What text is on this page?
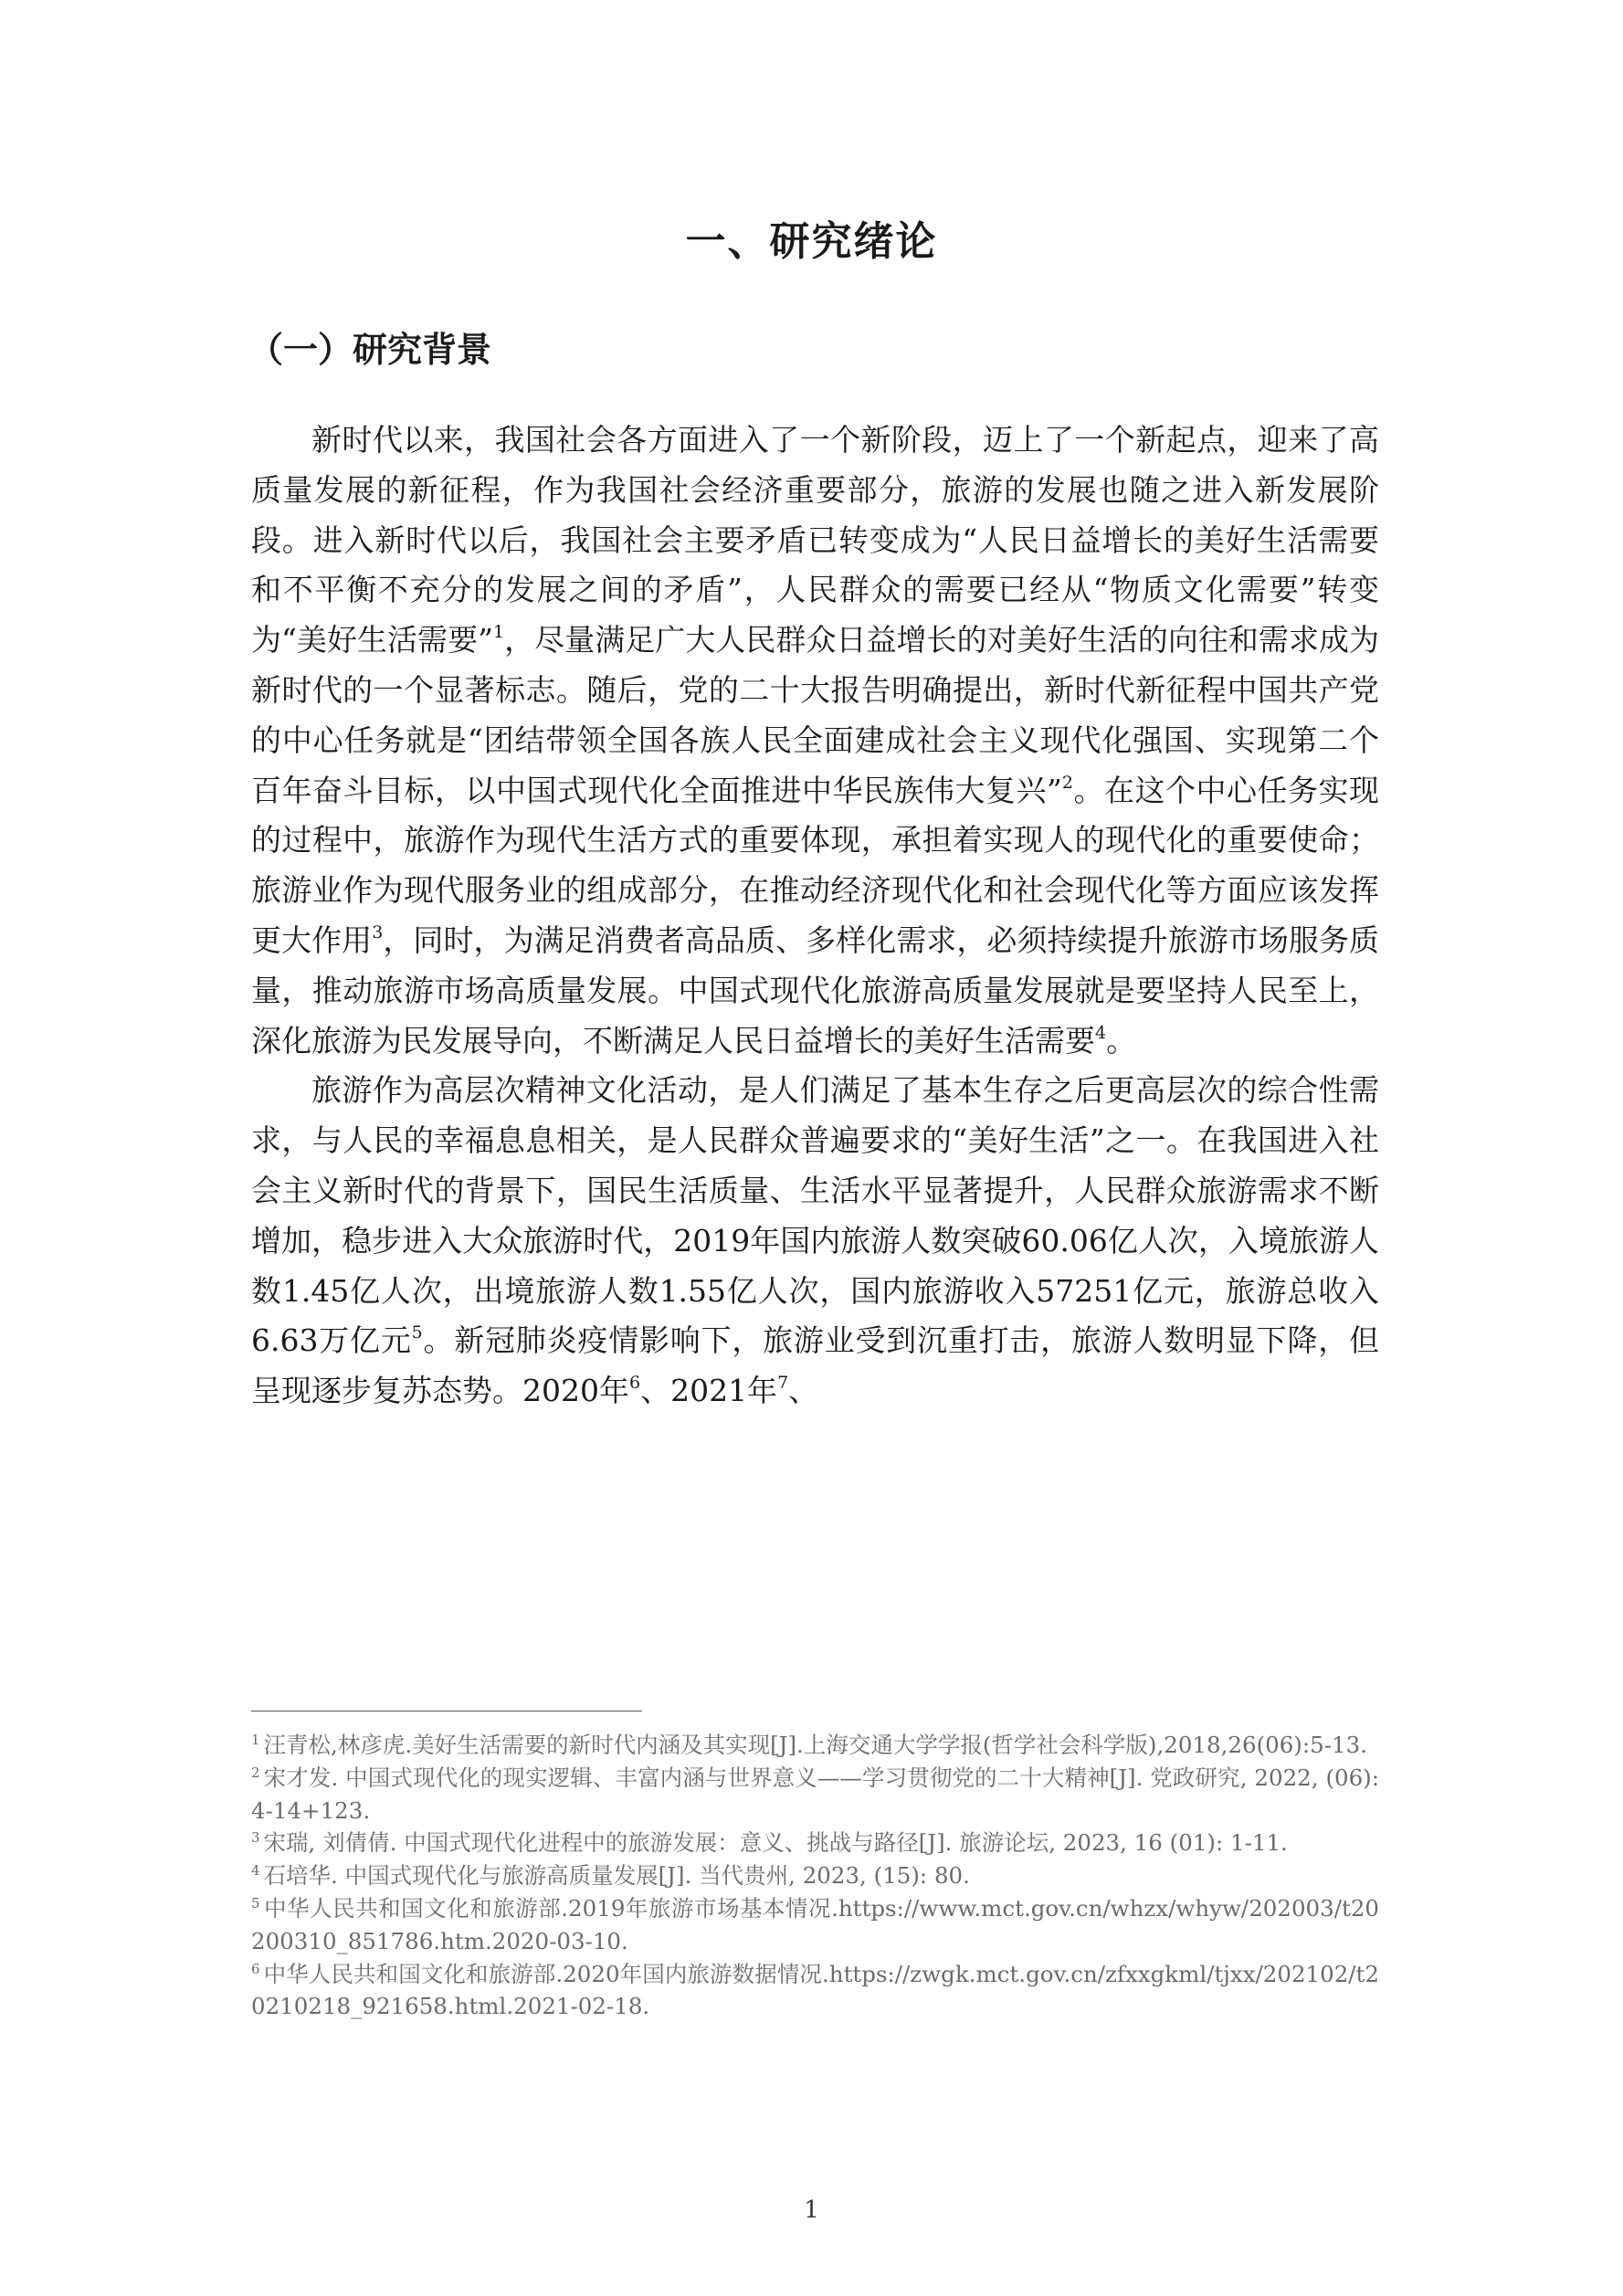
一、研究绪论
（一）研究背景

新时代以来，我国社会各方面进入了一个新阶段，迈上了一个新起点，迎来了高质量发展的新征程，作为我国社会经济重要部分，旅游的发展也随之进入新发展阶段。进入新时代以后，我国社会主要矛盾已转变成为“人民日益增长的美好生活需要和不平衡不充分的发展之间的矛盾”，人民群众的需要已经从“物质文化需要”转变为“美好生活需要”$^1$，尽量满足广大人民群众日益增长的对美好生活的向往和需求成为新时代的一个显著标志。随后，党的二十大报告明确提出，新时代新征程中国共产党的中心任务就是“团结带领全国各族人民全面建成社会主义现代化强国、实现第二个百年奋斗目标，以中国式现代化全面推进中华民族伟大复兴”$^2$。在这个中心任务实现的过程中，旅游作为现代生活方式的重要体现，承担着实现人的现代化的重要使命；旅游业作为现代服务业的组成部分，在推动经济现代化和社会现代化等方面应该发挥更大作用$^3$，同时，为满足消费者高品质、多样化需求，必须持续提升旅游市场服务质量，推动旅游市场高质量发展。中国式现代化旅游高质量发展就是要坚持人民至上，深化旅游为民发展导向，不断满足人民日益增长的美好生活需要$^4$。

旅游作为高层次精神文化活动，是人们满足了基本生存之后更高层次的综合性需求，与人民的幸福息息相关，是人民群众普遍要求的“美好生活”之一。在我国进入社会主义新时代的背景下，国民生活质量、生活水平显著提升，人民群众旅游需求不断增加，稳步进入大众旅游时代，2019年国内旅游人数突破60.06亿人次，入境旅游人数1.45亿人次，出境旅游人数1.55亿人次，国内旅游收入57251亿元，旅游总收入6.63万亿元$^5$。新冠肺炎疫情影响下，旅游业受到沉重打击，旅游人数明显下降，但呈现逐步复苏态势。2020年$^6$、2021年$^7$、

$^1$ 汪青松,林彦虎.美好生活需要的新时代内涵及其实现[J].上海交通大学学报(哲学社会科学版),2018,26(06):5-13.
$^2$ 宋才发. 中国式现代化的现实逻辑、丰富内涵与世界意义——学习贯彻党的二十大精神[J]. 党政研究, 2022, (06): 4-14+123.
$^3$ 宋瑞, 刘倩倩. 中国式现代化进程中的旅游发展：意义、挑战与路径[J]. 旅游论坛, 2023, 16 (01): 1-11.
$^4$ 石培华. 中国式现代化与旅游高质量发展[J]. 当代贵州, 2023, (15): 80.
$^5$ 中华人民共和国文化和旅游部.2019年旅游市场基本情况.https://www.mct.gov.cn/whzx/whyw/202003/t20200310_851786.htm.2020-03-10.
$^6$ 中华人民共和国文化和旅游部.2020年国内旅游数据情况.https://zwgk.mct.gov.cn/zfxxgkml/tjxx/202102/t20210218_921658.html.2021-02-18.
1
